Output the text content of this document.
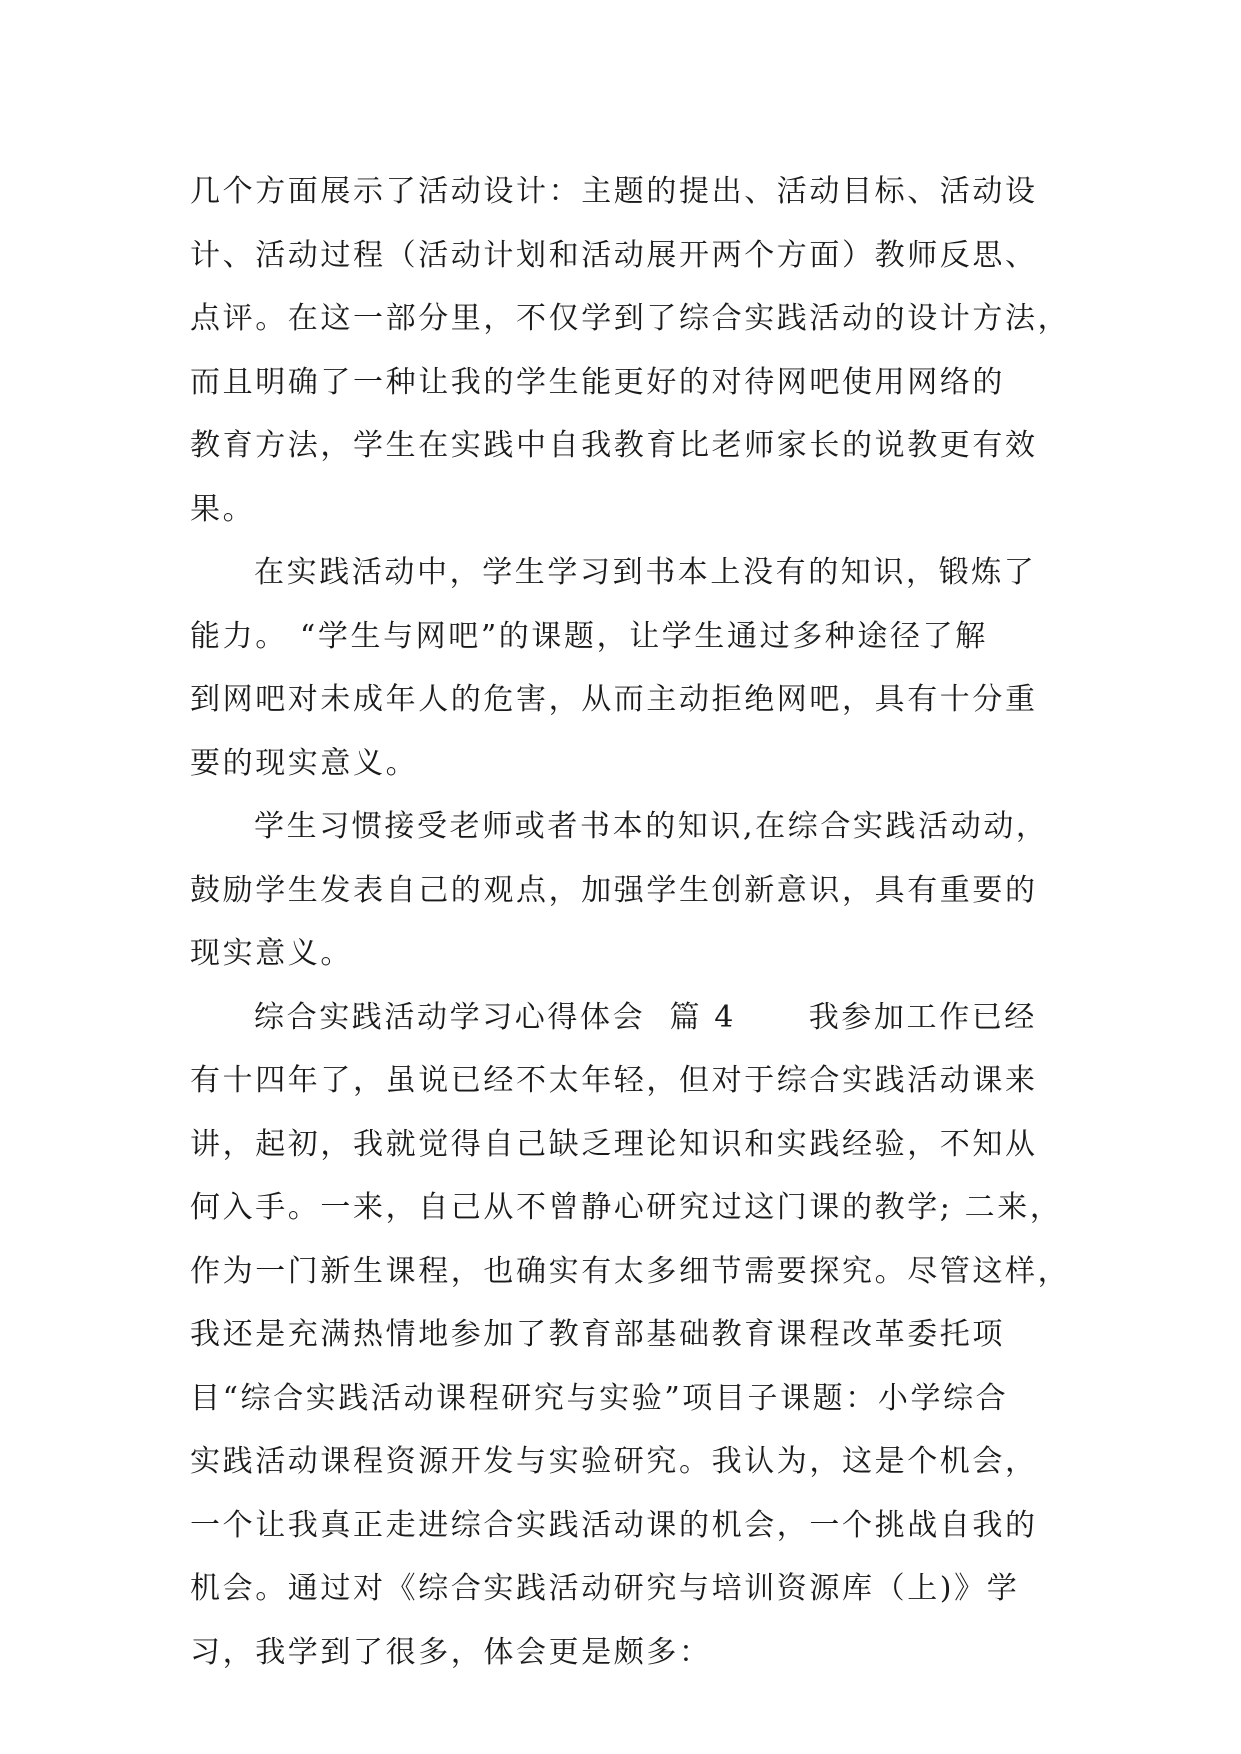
几个方面展示了活动设计：主题的提出、活动目标、活动设
计、活动过程（活动计划和活动展开两个方面）教师反思、
点评。在这一部分里，不仅学到了综合实践活动的设计方法，
而且明确了一种让我的学生能更好的对待网吧使用网络的
教育方法，学生在实践中自我教育比老师家长的说教更有效
果。
在实践活动中，学生学习到书本上没有的知识，锻炼了
能力。 “学生与网吧”的课题，让学生通过多种途径了解
到网吧对未成年人的危害，从而主动拒绝网吧，具有十分重
要的现实意义。
学生习惯接受老师或者书本的知识,在综合实践活动动，
鼓励学生发表自己的观点，加强学生创新意识，具有重要的
现实意义。
综合实践活动学习心得体会  篇 4      我参加工作已经
有十四年了，虽说已经不太年轻，但对于综合实践活动课来
讲，起初，我就觉得自己缺乏理论知识和实践经验，不知从
何入手。一来，自己从不曾静心研究过这门课的教学; 二来，
作为一门新生课程，也确实有太多细节需要探究。尽管这样，
我还是充满热情地参加了教育部基础教育课程改革委托项
目“综合实践活动课程研究与实验”项目子课题：小学综合
实践活动课程资源开发与实验研究。我认为，这是个机会，
一个让我真正走进综合实践活动课的机会，一个挑战自我的
机会。通过对《综合实践活动研究与培训资源库（上)》学
习，我学到了很多，体会更是颇多：
